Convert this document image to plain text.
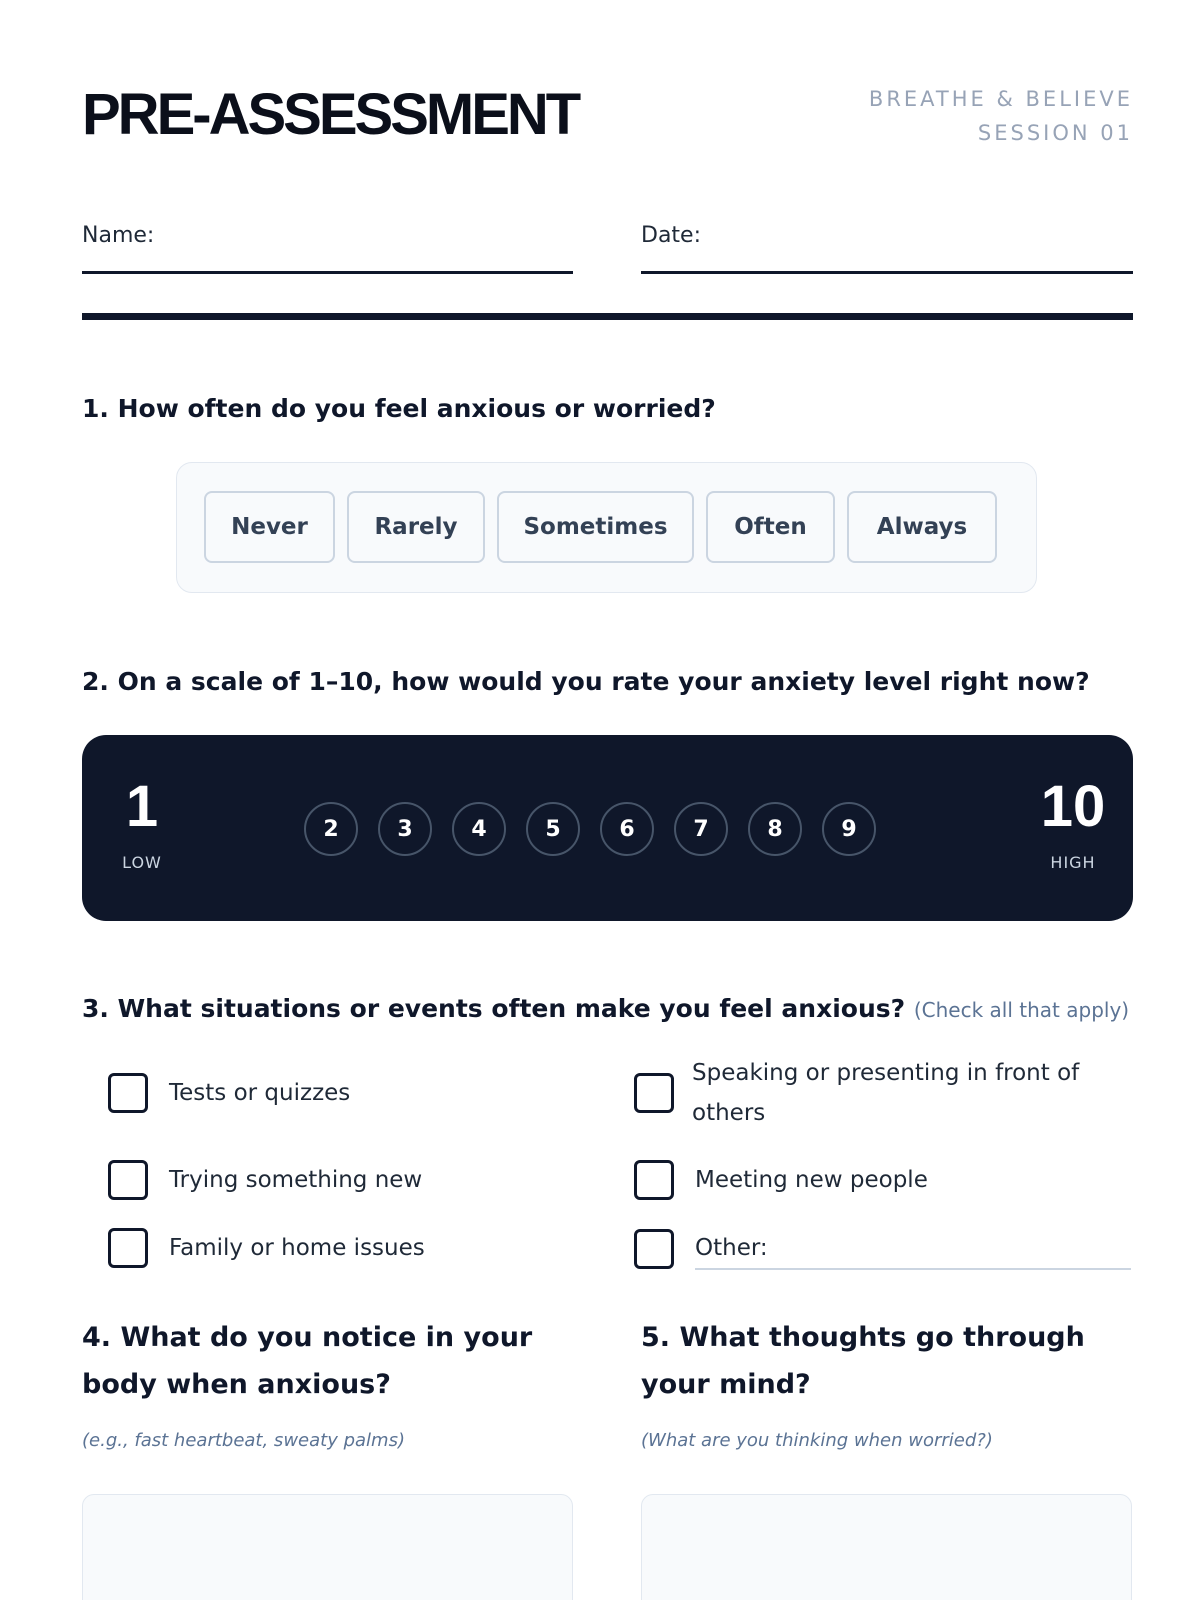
PRE-ASSESSMENT	BREATHE & BELIEVE
SESSION 01
Name:	Date:
1. How often do you feel anxious or worried?
Never	Rarely	Sometimes	Often	Always
2. On a scale of 1–10, how would you rate your anxiety level right now?
1
LOW
2	3	4	5	6	7	8	9	10
HIGH
3. What situations or events often make you feel anxious? (Check all that apply)
Tests or quizzes
Speaking or presenting in front of others
Trying something new	Meeting new people
Family or home issues	Other:
4. What do you notice in your body when anxious?
(e.g., fast heartbeat, sweaty palms)
5. What thoughts go through your mind?
(What are you thinking when worried?)
